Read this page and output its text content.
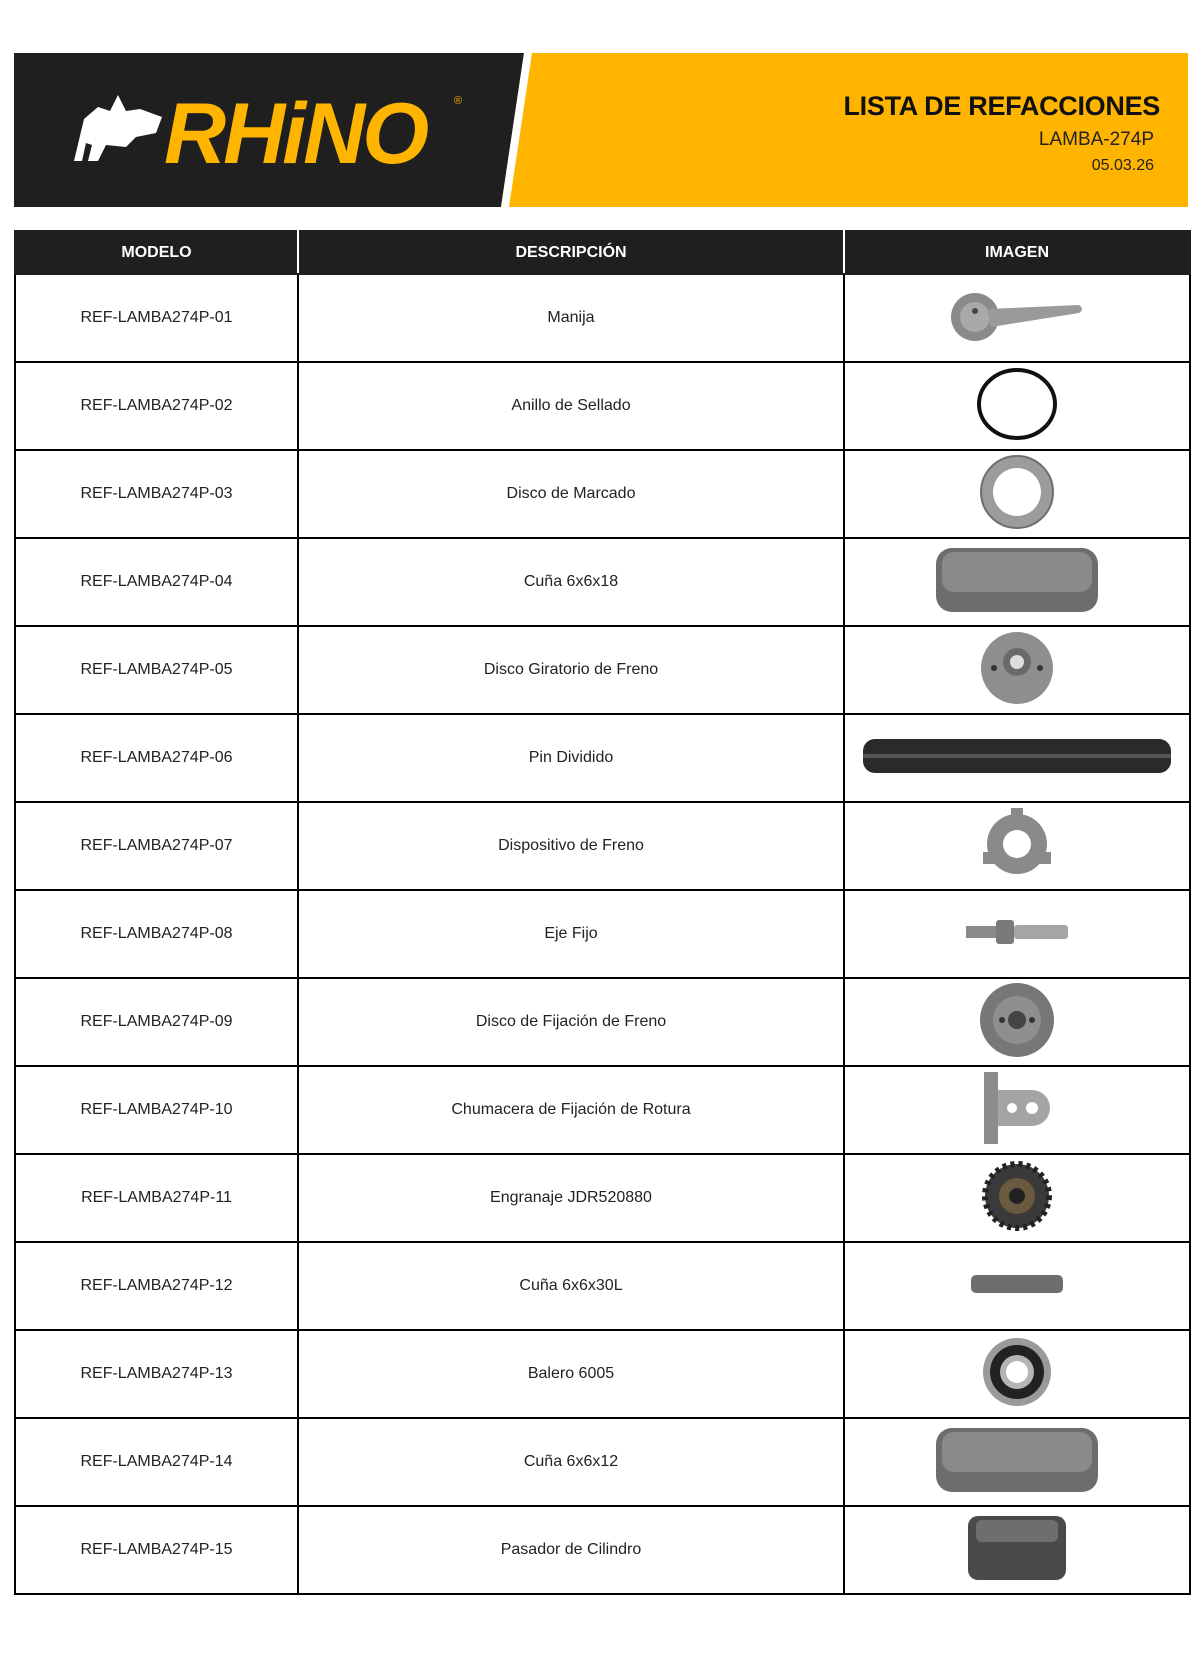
RHiNO	®	LISTA DE REFACCIONES
LAMBA-274P
05.03.26
MODELO	DESCRIPCIÓN	IMAGEN
REF-LAMBA274P-01	Manija	

REF-LAMBA274P-02	Anillo de Sellado	

REF-LAMBA274P-03	Disco de Marcado	

REF-LAMBA274P-04	Cuña 6x6x18	

REF-LAMBA274P-05	Disco Giratorio de Freno	

REF-LAMBA274P-06	Pin Dividido	

REF-LAMBA274P-07	Dispositivo de Freno	

REF-LAMBA274P-08	Eje Fijo	

REF-LAMBA274P-09	Disco de Fijación de Freno	

REF-LAMBA274P-10	Chumacera de Fijación de Rotura	

REF-LAMBA274P-11	Engranaje JDR520880	

REF-LAMBA274P-12	Cuña 6x6x30L	

REF-LAMBA274P-13	Balero 6005	

REF-LAMBA274P-14	Cuña 6x6x12	

REF-LAMBA274P-15	Pasador de Cilindro	
